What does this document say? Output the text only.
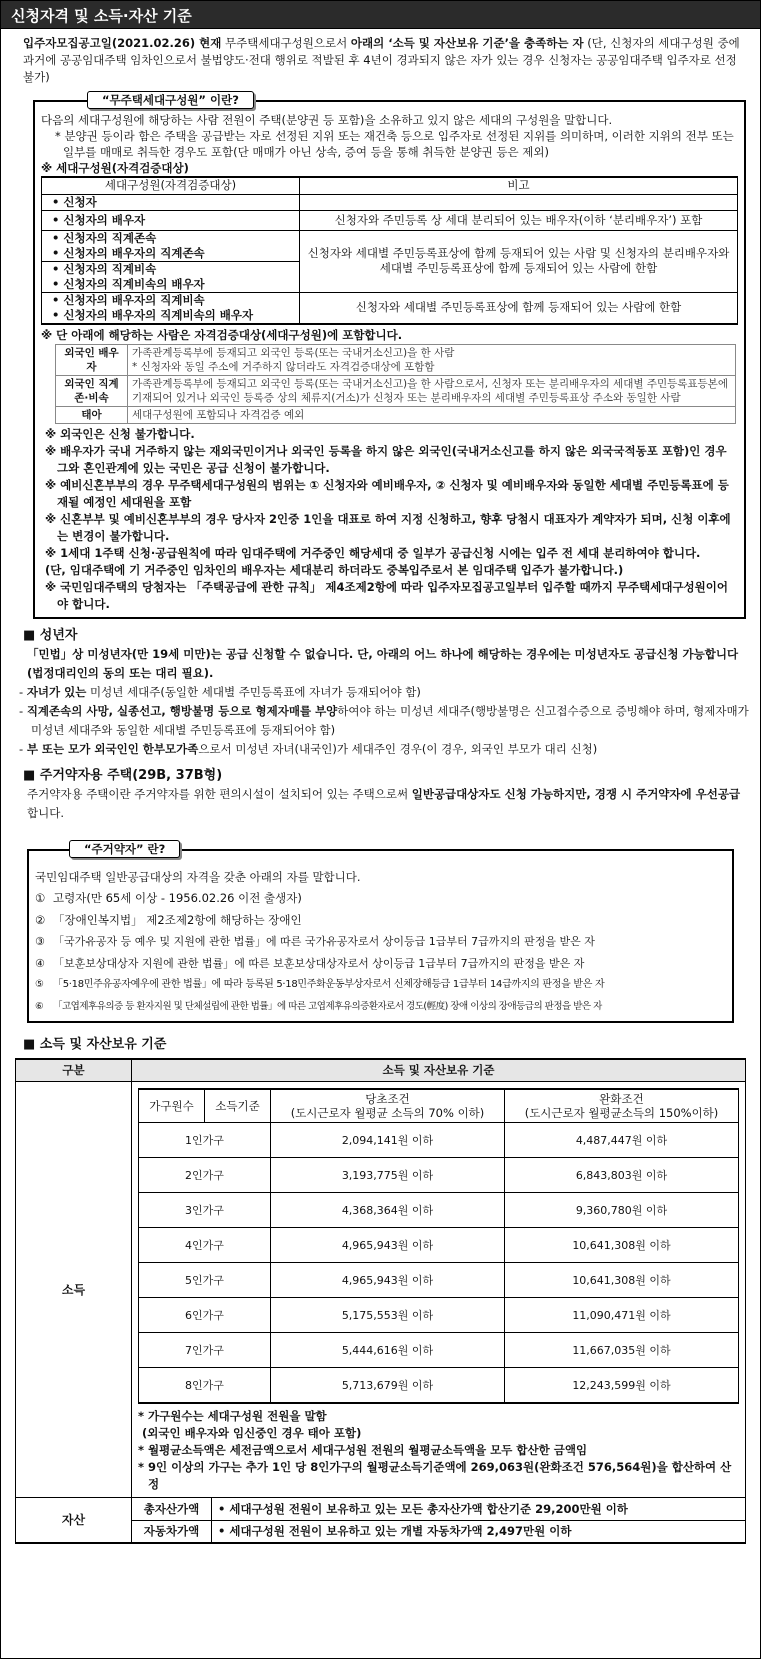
신청자격 및 소득·자산 기준
입주자모집공고일(2021.02.26) 현재 무주택세대구성원으로서 아래의 ‘소득 및 자산보유 기준’을 충족하는 자 (단, 신청자의 세대구성원 중에 과거에 공공임대주택 임차인으로서 불법양도·전대 행위로 적발된 후 4년이 경과되지 않은 자가 있는 경우 신청자는 공공임대주택 입주자로 선정 불가)
“무주택세대구성원” 이란?

다음의 세대구성원에 해당하는 사람 전원이 주택(분양권 등 포함)을 소유하고 있지 않은 세대의 구성원을 말합니다.

* 분양권 등이라 함은 주택을 공급받는 자로 선정된 지위 또는 재건축 등으로 입주자로 선정된 지위를 의미하며, 이러한 지위의 전부 또는 일부를 매매로 취득한 경우도 포함(단 매매가 아닌 상속, 증여 등을 통해 취득한 분양권 등은 제외)

※ 세대구성원(자격검증대상)

세대구성원(자격검증대상)	비고
• 신청자	
• 신청자의 배우자	신청자와 주민등록 상 세대 분리되어 있는 배우자(이하 ‘분리배우자’) 포함

• 신청자의 직계존속
• 신청자의 배우자의 직계존속	신청자와 세대별 주민등록표상에 함께 등재되어 있는 사람 및 신청자의 분리배우자와 세대별 주민등록표상에 함께 등재되어 있는 사람에 한함

• 신청자의 직계비속
• 신청자의 직계비속의 배우자	

• 신청자의 배우자의 직계비속
• 신청자의 배우자의 직계비속의 배우자	신청자와 세대별 주민등록표상에 함께 등재되어 있는 사람에 한함

※ 단 아래에 해당하는 사람은 자격검증대상(세대구성원)에 포함합니다.

외국인 배우자	가족관계등록부에 등재되고 외국인 등록(또는 국내거소신고)을 한 사람
* 신청자와 동일 주소에 거주하지 않더라도 자격검증대상에 포함함

외국인 직계존·비속	가족관계등록부에 등재되고 외국인 등록(또는 국내거소신고)을 한 사람으로서, 신청자 또는 분리배우자의 세대별 주민등록표등본에 기재되어 있거나 외국인 등록증 상의 체류지(거소)가 신청자 또는 분리배우자의 세대별 주민등록표상 주소와 동일한 사람
태아	세대구성원에 포함되나 자격검증 예외

※ 외국인은 신청 불가합니다.

※ 배우자가 국내 거주하지 않는 재외국민이거나 외국인 등록을 하지 않은 외국인(국내거소신고를 하지 않은 외국국적동포 포함)인 경우 그와 혼인관계에 있는 국민은 공급 신청이 불가합니다.

※ 예비신혼부부의 경우 무주택세대구성원의 범위는 ① 신청자와 예비배우자, ② 신청자 및 예비배우자와 동일한 세대별 주민등록표에 등재될 예정인 세대원을 포함

※ 신혼부부 및 예비신혼부부의 경우 당사자 2인중 1인을 대표로 하여 지정 신청하고, 향후 당첨시 대표자가 계약자가 되며, 신청 이후에는 변경이 불가합니다.

※ 1세대 1주택 신청·공급원칙에 따라 임대주택에 거주중인 해당세대 중 일부가 공급신청 시에는 입주 전 세대 분리하여야 합니다.

(단, 임대주택에 기 거주중인 임차인의 배우자는 세대분리 하더라도 중복입주로서 본 임대주택 입주가 불가합니다.)

※ 국민임대주택의 당첨자는 「주택공급에 관한 규칙」 제4조제2항에 따라 입주자모집공고일부터 입주할 때까지 무주택세대구성원이어야 합니다.

■ 성년자
「민법」상 미성년자(만 19세 미만)는 공급 신청할 수 없습니다. 단, 아래의 어느 하나에 해당하는 경우에는 미성년자도 공급신청 가능합니다(법정대리인의 동의 또는 대리 필요).
- 자녀가 있는 미성년 세대주(동일한 세대별 주민등록표에 자녀가 등재되어야 함)
- 직계존속의 사망, 실종선고, 행방불명 등으로 형제자매를 부양하여야 하는 미성년 세대주(행방불명은 신고접수증으로 증빙해야 하며, 형제자매가 미성년 세대주와 동일한 세대별 주민등록표에 등재되어야 함)
- 부 또는 모가 외국인인 한부모가족으로서 미성년 자녀(내국인)가 세대주인 경우(이 경우, 외국인 부모가 대리 신청)
■ 주거약자용 주택(29B, 37B형)
주거약자용 주택이란 주거약자를 위한 편의시설이 설치되어 있는 주택으로써 일반공급대상자도 신청 가능하지만, 경쟁 시 주거약자에 우선공급합니다.
“주거약자” 란?

국민임대주택 일반공급대상의 자격을 갖춘 아래의 자를 말합니다.

① 고령자(만 65세 이상 - 1956.02.26 이전 출생자)

② 「장애인복지법」 제2조제2항에 해당하는 장애인

③ 「국가유공자 등 예우 및 지원에 관한 법률」에 따른 국가유공자로서 상이등급 1급부터 7급까지의 판정을 받은 자

④ 「보훈보상대상자 지원에 관한 법률」에 따른 보훈보상대상자로서 상이등급 1급부터 7급까지의 판정을 받은 자

⑤ 「5·18민주유공자예우에 관한 법률」에 따라 등록된 5·18민주화운동부상자로서 신체장해등급 1급부터 14급까지의 판정을 받은 자

⑥ 「고엽제후유의증 등 환자지원 및 단체설립에 관한 법률」에 따른 고엽제후유의증환자로서 경도(輕度) 장애 이상의 장애등급의 판정을 받은 자

■ 소득 및 자산보유 기준
구분	소득 및 자산보유 기준
소득	
가구원수	소득기준	당초조건
(도시근로자 월평균 소득의 70% 이하)

완화조건
(도시근로자 월평균소득의 150%이하)

1인가구	2,094,141원 이하	4,487,447원 이하
2인가구	3,193,775원 이하	6,843,803원 이하
3인가구	4,368,364원 이하	9,360,780원 이하
4인가구	4,965,943원 이하	10,641,308원 이하
5인가구	4,965,943원 이하	10,641,308원 이하
6인가구	5,175,553원 이하	11,090,471원 이하
7인가구	5,444,616원 이하	11,667,035원 이하
8인가구	5,713,679원 이하	12,243,599원 이하

* 가구원수는 세대구성원 전원을 말함

(외국인 배우자와 임신중인 경우 태아 포함)

* 월평균소득액은 세전금액으로서 세대구성원 전원의 월평균소득액을 모두 합산한 금액임

* 9인 이상의 가구는 추가 1인 당 8인가구의 월평균소득기준액에 269,063원(완화조건 576,564원)을 합산하여 산정

자산	총자산가액	• 세대구성원 전원이 보유하고 있는 모든 총자산가액 합산기준 29,200만원 이하
자동차가액	• 세대구성원 전원이 보유하고 있는 개별 자동차가액 2,497만원 이하
